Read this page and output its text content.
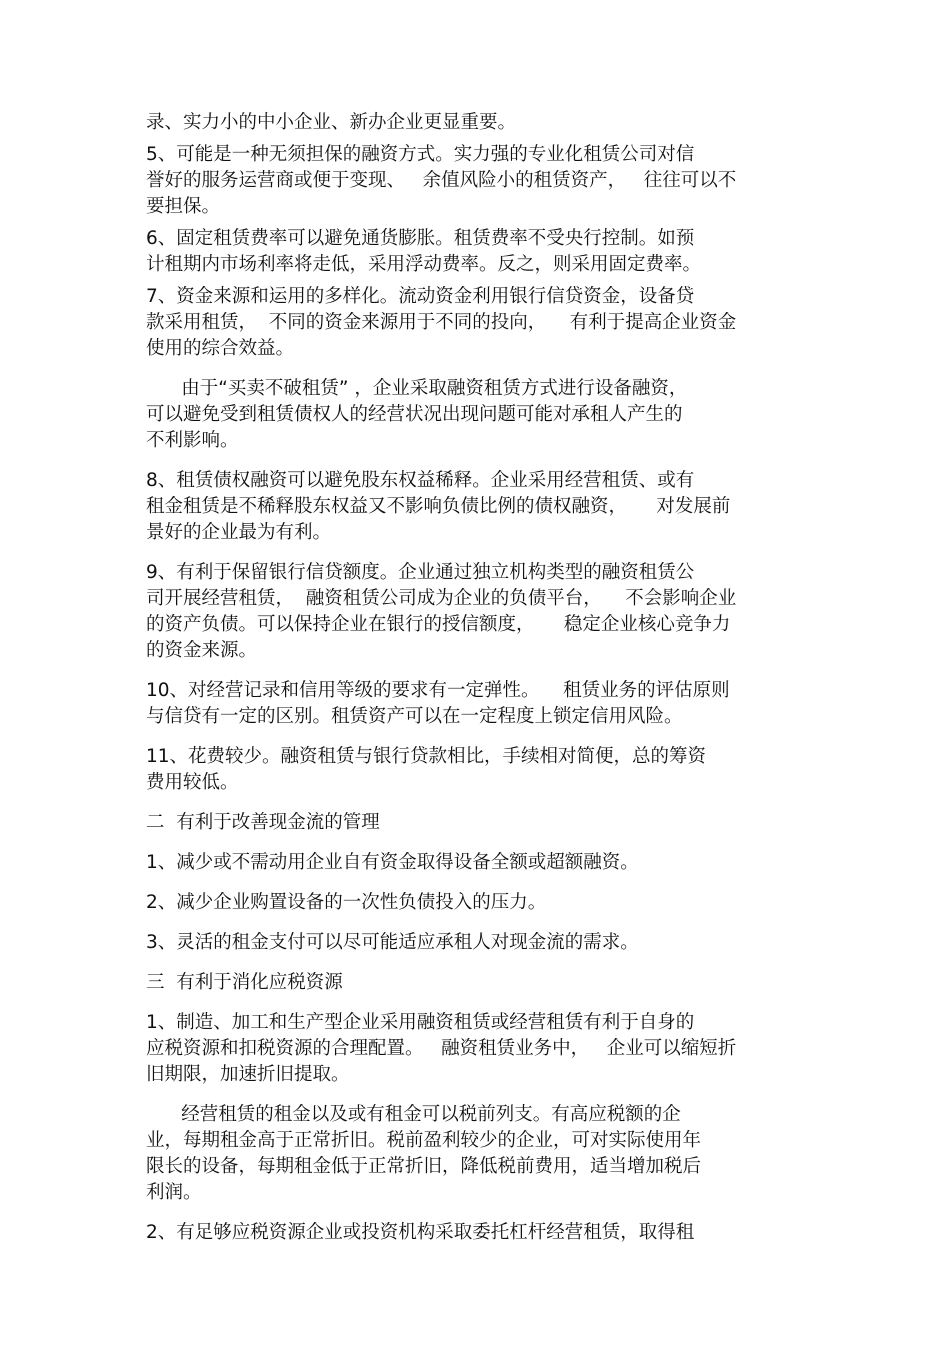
录、实力小的中小企业、新办企业更显重要。

5、可能是一种无须担保的融资方式。实力强的专业化租赁公司对信
誉好的服务运营商或便于变现、   余值风险小的租赁资产，   往往可以不
要担保。

6、固定租赁费率可以避免通货膨胀。租赁费率不受央行控制。如预
计租期内市场利率将走低，采用浮动费率。反之，则采用固定费率。

7、资金来源和运用的多样化。流动资金利用银行信贷资金，设备贷
款采用租赁，  不同的资金来源用于不同的投向，    有利于提高企业资金
使用的综合效益。

由于“买卖不破租赁” ，企业采取融资租赁方式进行设备融资，
可以避免受到租赁债权人的经营状况出现问题可能对承租人产生的
不利影响。

8、租赁债权融资可以避免股东权益稀释。企业采用经营租赁、或有
租金租赁是不稀释股东权益又不影响负债比例的债权融资，     对发展前
景好的企业最为有利。

9、有利于保留银行信贷额度。企业通过独立机构类型的融资租赁公
司开展经营租赁，  融资租赁公司成为企业的负债平台，    不会影响企业
的资产负债。可以保持企业在银行的授信额度，     稳定企业核心竞争力
的资金来源。

10、对经营记录和信用等级的要求有一定弹性。    租赁业务的评估原则
与信贷有一定的区别。租赁资产可以在一定程度上锁定信用风险。

11、花费较少。融资租赁与银行贷款相比，手续相对简便，总的筹资
费用较低。

二  有利于改善现金流的管理

1、减少或不需动用企业自有资金取得设备全额或超额融资。

2、减少企业购置设备的一次性负债投入的压力。

3、灵活的租金支付可以尽可能适应承租人对现金流的需求。

三  有利于消化应税资源

1、制造、加工和生产型企业采用融资租赁或经营租赁有利于自身的
应税资源和扣税资源的合理配置。   融资租赁业务中，   企业可以缩短折
旧期限，加速折旧提取。

经营租赁的租金以及或有租金可以税前列支。有高应税额的企
业，每期租金高于正常折旧。税前盈利较少的企业，可对实际使用年
限长的设备，每期租金低于正常折旧，降低税前费用，适当增加税后
利润。

2、有足够应税资源企业或投资机构采取委托杠杆经营租赁，取得租
